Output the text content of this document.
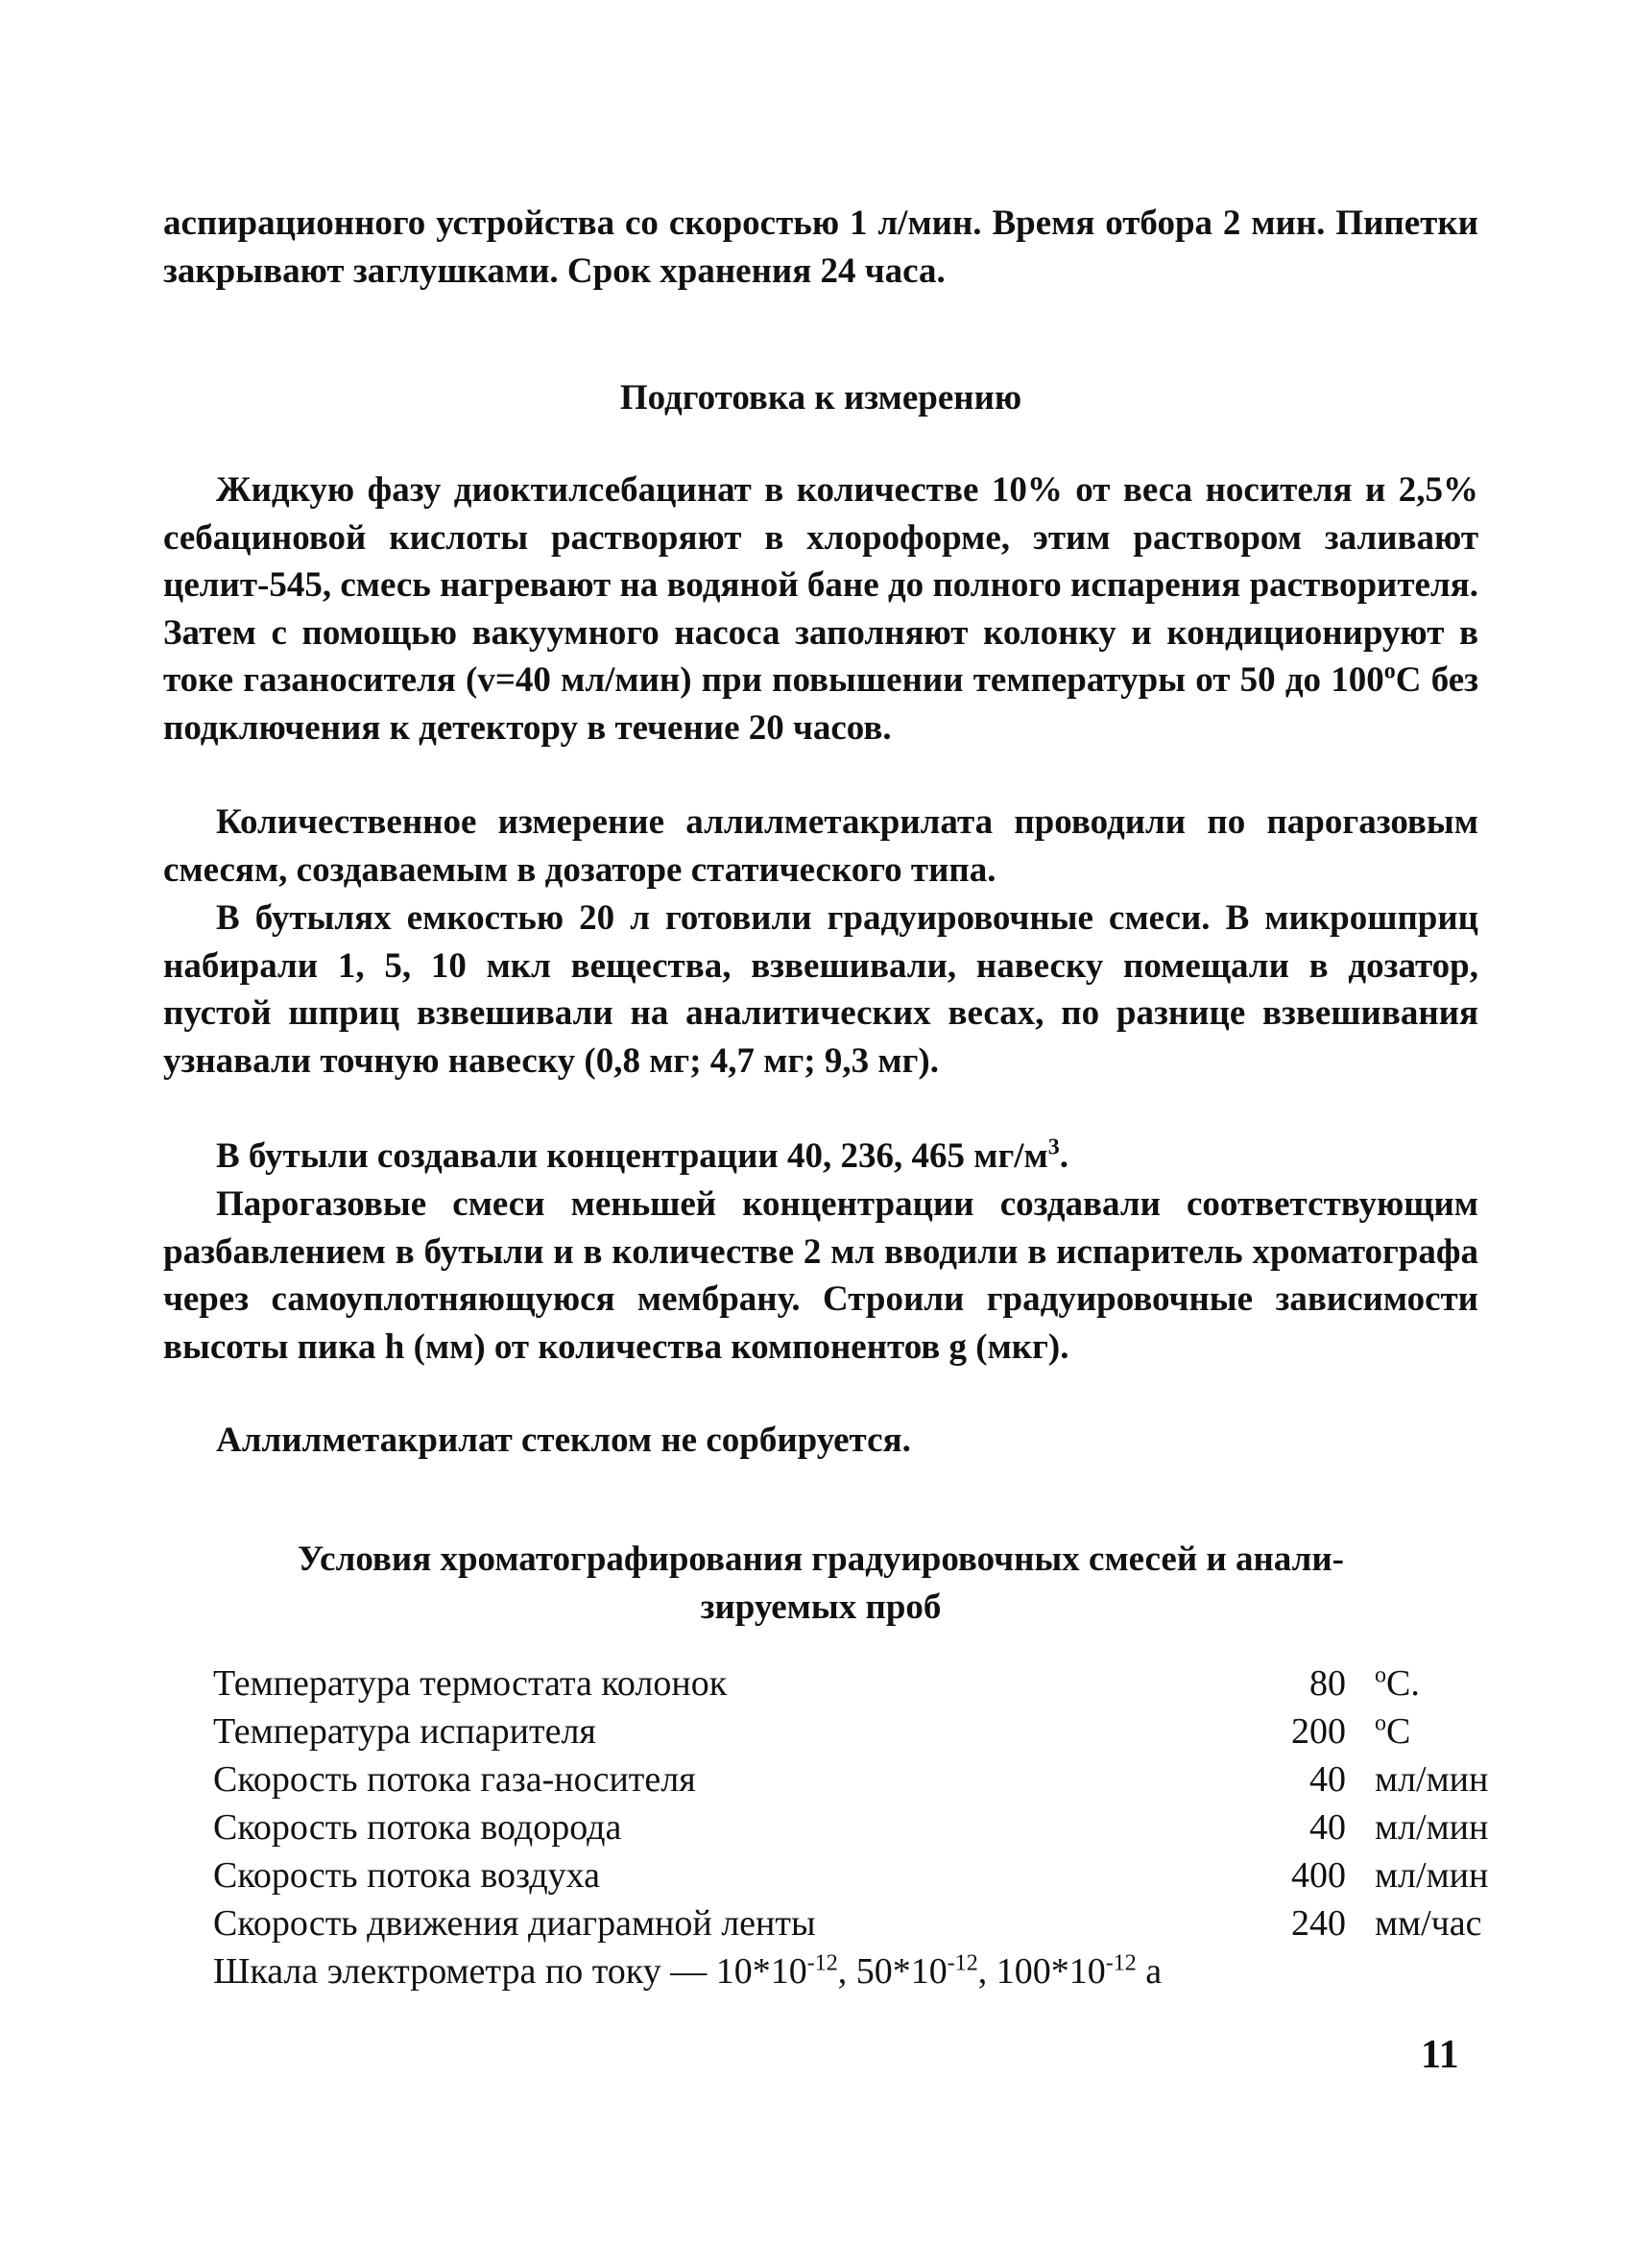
аспирационного устройства со скоростью 1 л/мин. Время отбора 2 мин. Пипетки закрывают заглушками. Срок хранения 24 часа.

Подготовка к измерению

Жидкую фазу диоктилсебацинат в количестве 10% от веса носителя и 2,5% себациновой кислоты растворяют в хлороформе, этим раствором заливают целит-545, смесь нагревают на водяной бане до полного испарения растворителя. Затем с помощью вакуумного насоса заполняют колонку и кондиционируют в токе газаносителя (v=40 мл/мин) при повышении температуры от 50 до $100^оС$ без подключения к детектору в течение 20 часов.

Количественное измерение аллилметакрилата проводили по парогазовым смесям, создаваемым в дозаторе статического типа.

В бутылях емкостью 20 л готовили градуировочные смеси. В микрошприц набирали 1, 5, 10 мкл вещества, взвешивали, навеску помещали в дозатор, пустой шприц взвешивали на аналитических весах, по разнице взвешивания узнавали точную навеску (0,8 мг; 4,7 мг; 9,3 мг).

В бутыли создавали концентрации 40, 236, 465 $мг/м^3$.

Парогазовые смеси меньшей концентрации создавали соответствующим разбавлением в бутыли и в количестве 2 мл вводили в испаритель хроматографа через самоуплотняющуюся мембрану. Строили градуировочные зависимости высоты пика h (мм) от количества компонентов g (мкг).

Аллилметакрилат стеклом не сорбируется.

Условия хроматографирования градуировочных смесей и анали-
зируемых проб

Температура термостата колонок	80 $^о$С.
Температура испарителя	200 $^о$С
Скорость потока газа-носителя	40 мл/мин
Скорость потока водорода	40 мл/мин
Скорость потока воздуха	400 мл/мин
Скорость движения диаграмной ленты	240 мм/час
Шкала электрометра по току — $10*10^{-12}$, $50*10^{-12}$, $100*10^{-12}$ а
11
